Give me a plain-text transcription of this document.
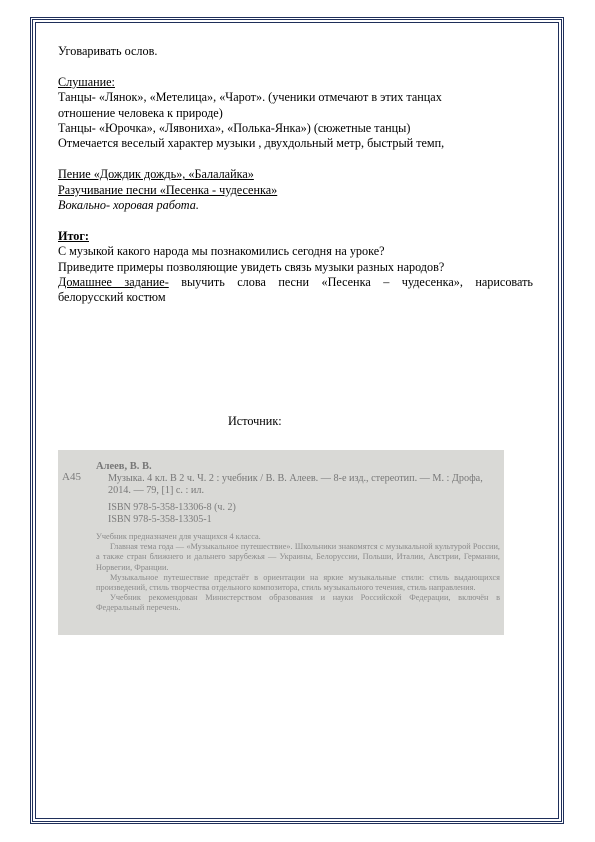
Уговаривать ослов.
Слушание:
Танцы- «Лянок», «Метелица», «Чарот». (ученики отмечают в этих танцах
отношение человека к природе)
Танцы- «Юрочка», «Лявониха», «Полька-Янка») (сюжетные танцы)
Отмечается веселый характер музыки , двухдольный метр, быстрый темп,
Пение «Дождик дождь», «Балалайка»
Разучивание песни «Песенка - чудесенка»
Вокально- хоровая работа.
Итог:
С музыкой какого народа мы познакомились сегодня на уроке?
Приведите примеры позволяющие увидеть связь музыки разных народов?
Домашнее задание- выучить слова песни «Песенка – чудесенка», нарисовать
белорусский костюм
Источник:
Алеев, В. В.
А45	Музыка. 4 кл. В 2 ч. Ч. 2 : учебник / В. В. Алеев. — 8-е изд., стереотип. — М. : Дрофа, 2014. — 79, [1] с. : ил.
ISBN 978-5-358-13306-8 (ч. 2)
ISBN 978-5-358-13305-1

Учебник предназначен для учащихся 4 класса.

Главная тема года — «Музыкальное путешествие». Школьники знакомятся с музыкальной культурой России, а также стран ближнего и дальнего зарубежья — Украины, Белоруссии, Польши, Италии, Австрии, Германии, Норвегии, Франции.

Музыкальное путешествие предстаёт в ориентации на яркие музыкальные стили: стиль выдающихся произведений, стиль творчества отдельного композитора, стиль музыкального течения, стиль направления.

Учебник рекомендован Министерством образования и науки Российской Федерации, включён в Федеральный перечень.
